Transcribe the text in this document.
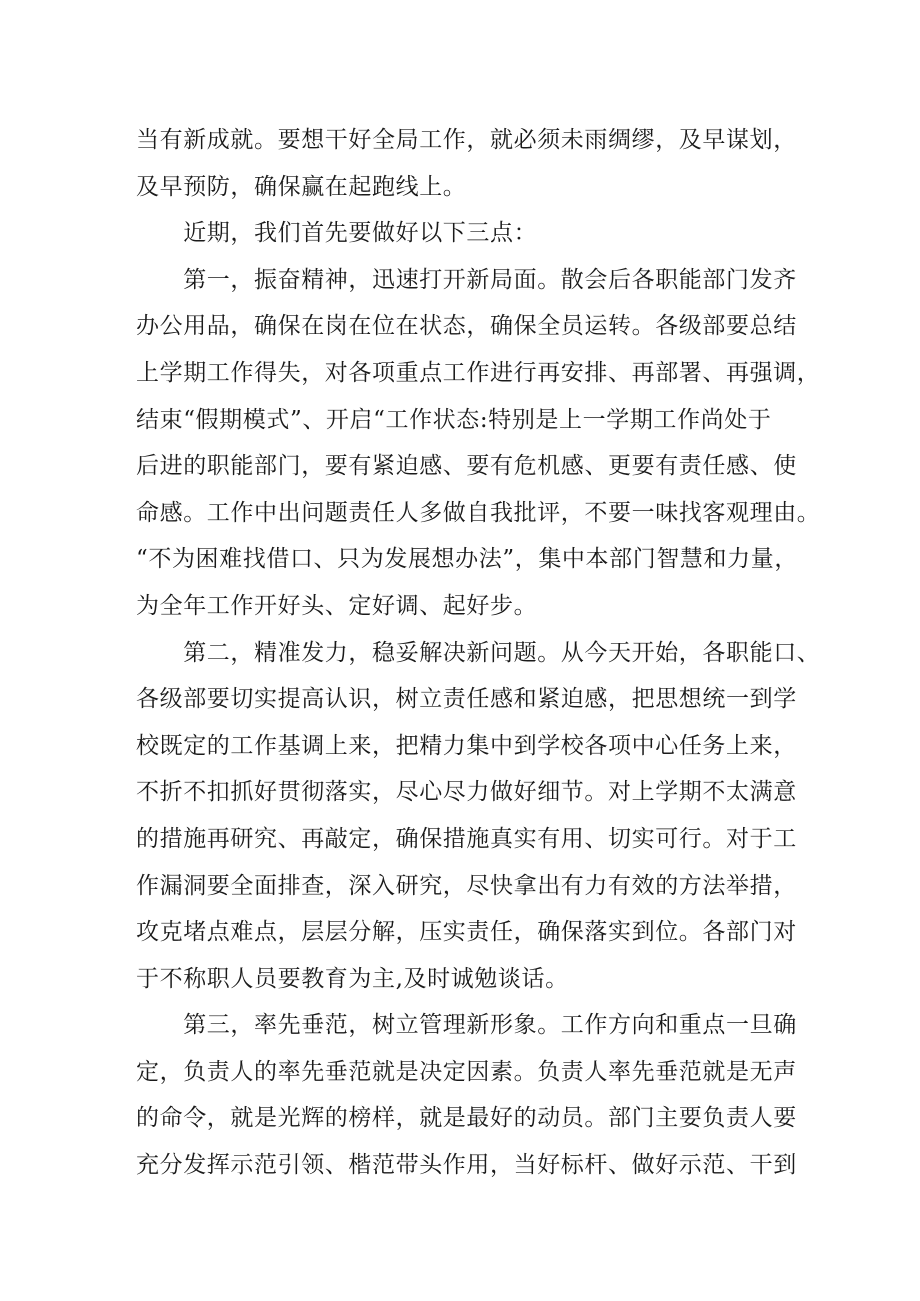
当有新成就。要想干好全局工作，就必须未雨绸缪，及早谋划，
及早预防，确保赢在起跑线上。
　　近期，我们首先要做好以下三点：
　　第一，振奋精神，迅速打开新局面。散会后各职能部门发齐
办公用品，确保在岗在位在状态，确保全员运转。各级部要总结
上学期工作得失，对各项重点工作进行再安排、再部署、再强调，
结束“假期模式”、开启“工作状态:特别是上一学期工作尚处于
后进的职能部门，要有紧迫感、要有危机感、更要有责任感、使
命感。工作中出问题责任人多做自我批评，不要一味找客观理由。
“不为困难找借口、只为发展想办法”，集中本部门智慧和力量，
为全年工作开好头、定好调、起好步。
　　第二，精准发力，稳妥解决新问题。从今天开始，各职能口、
各级部要切实提高认识，树立责任感和紧迫感，把思想统一到学
校既定的工作基调上来，把精力集中到学校各项中心任务上来，
不折不扣抓好贯彻落实，尽心尽力做好细节。对上学期不太满意
的措施再研究、再敲定，确保措施真实有用、切实可行。对于工
作漏洞要全面排查，深入研究，尽快拿出有力有效的方法举措，
攻克堵点难点，层层分解，压实责任，确保落实到位。各部门对
于不称职人员要教育为主,及时诚勉谈话。
　　第三，率先垂范，树立管理新形象。工作方向和重点一旦确
定，负责人的率先垂范就是决定因素。负责人率先垂范就是无声
的命令，就是光辉的榜样，就是最好的动员。部门主要负责人要
充分发挥示范引领、楷范带头作用，当好标杆、做好示范、干到
